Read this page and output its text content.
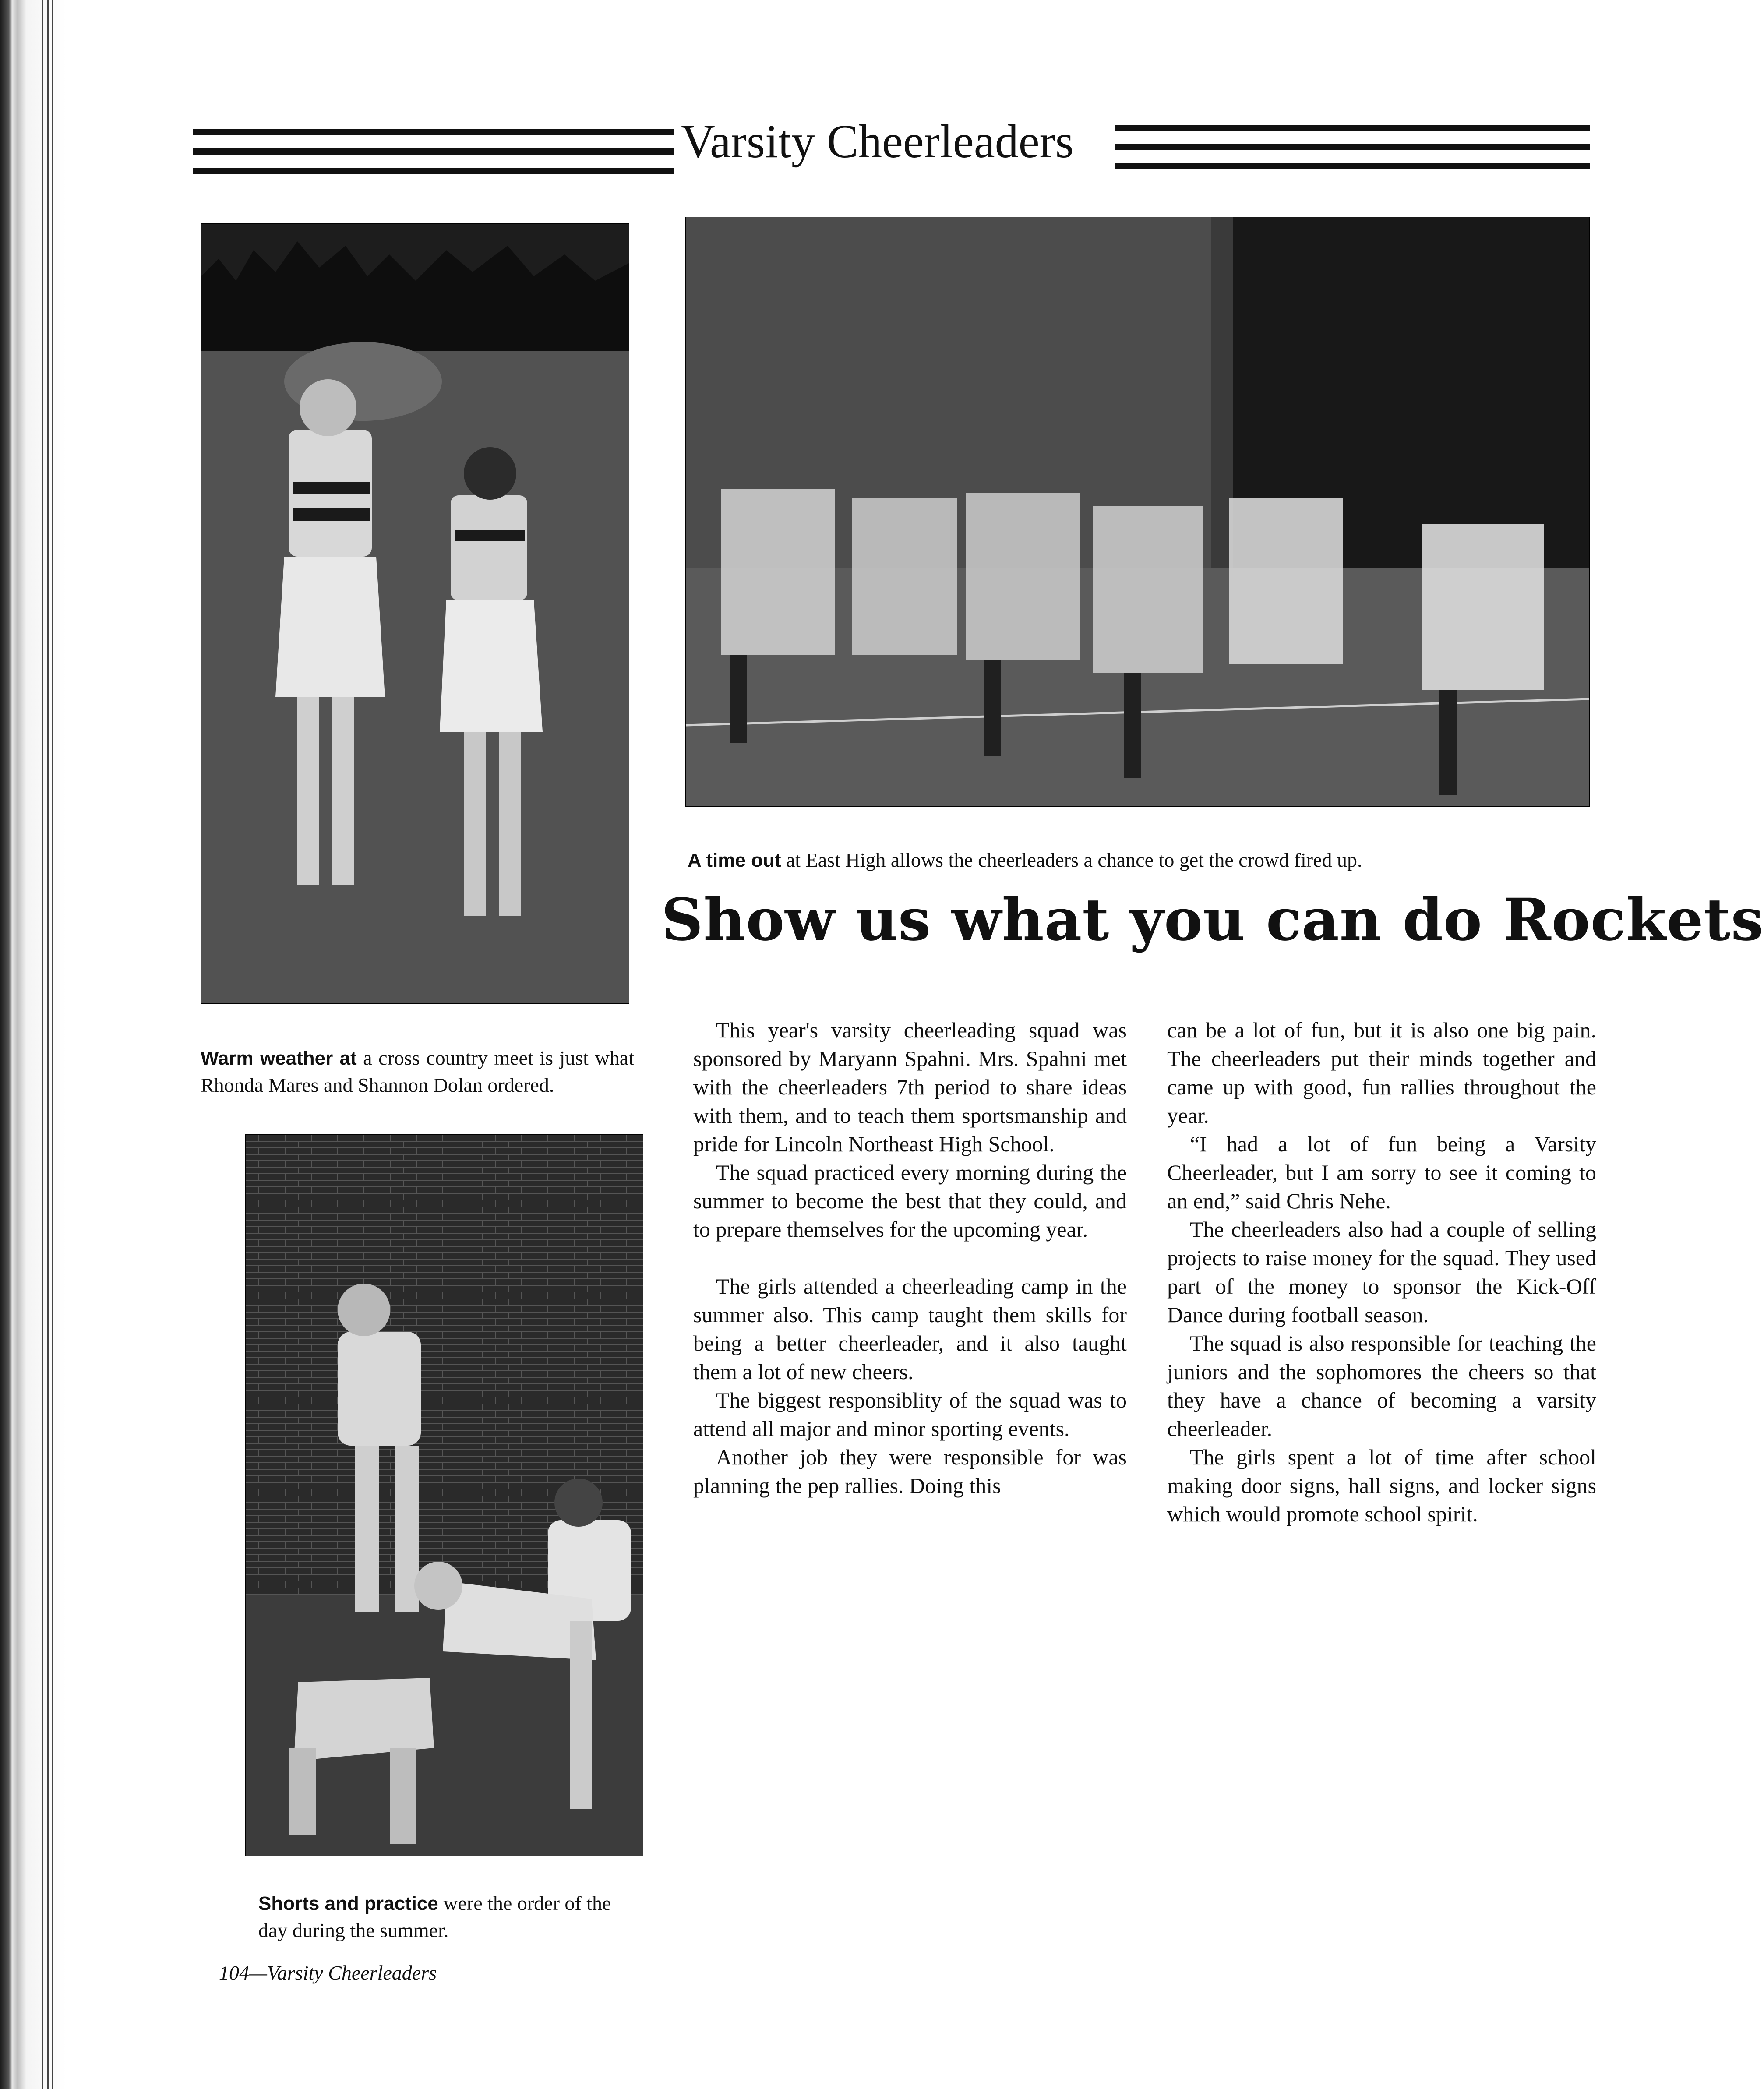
Varsity Cheerleaders
Warm weather at a cross country meet is just what Rhonda Mares and Shannon Dolan ordered.
A time out at East High allows the cheerleaders a chance to get the crowd fired up.
Shorts and practice were the order of the day during the summer.
Show us what you can do Rockets

This year's varsity cheerleading squad was sponsored by Maryann Spahni. Mrs. Spahni met with the cheerleaders 7th period to share ideas with them, and to teach them sportsmanship and pride for Lincoln Northeast High School.

The squad practiced every morning during the summer to become the best that they could, and to prepare themselves for the upcoming year.

The girls attended a cheerleading camp in the summer also. This camp taught them skills for being a better cheerleader, and it also taught them a lot of new cheers.

The biggest responsiblity of the squad was to attend all major and minor sporting events.

Another job they were responsible for was planning the pep rallies. Doing this

can be a lot of fun, but it is also one big pain. The cheerleaders put their minds together and came up with good, fun rallies throughout the year.

“I had a lot of fun being a Varsity Cheerleader, but I am sorry to see it coming to an end,” said Chris Nehe.

The cheerleaders also had a couple of selling projects to raise money for the squad. They used part of the money to sponsor the Kick-Off Dance during football season.

The squad is also responsible for teaching the juniors and the sophomores the cheers so that they have a chance of becoming a varsity cheerleader.

The girls spent a lot of time after school making door signs, hall signs, and locker signs which would promote school spirit.

104—Varsity Cheerleaders
